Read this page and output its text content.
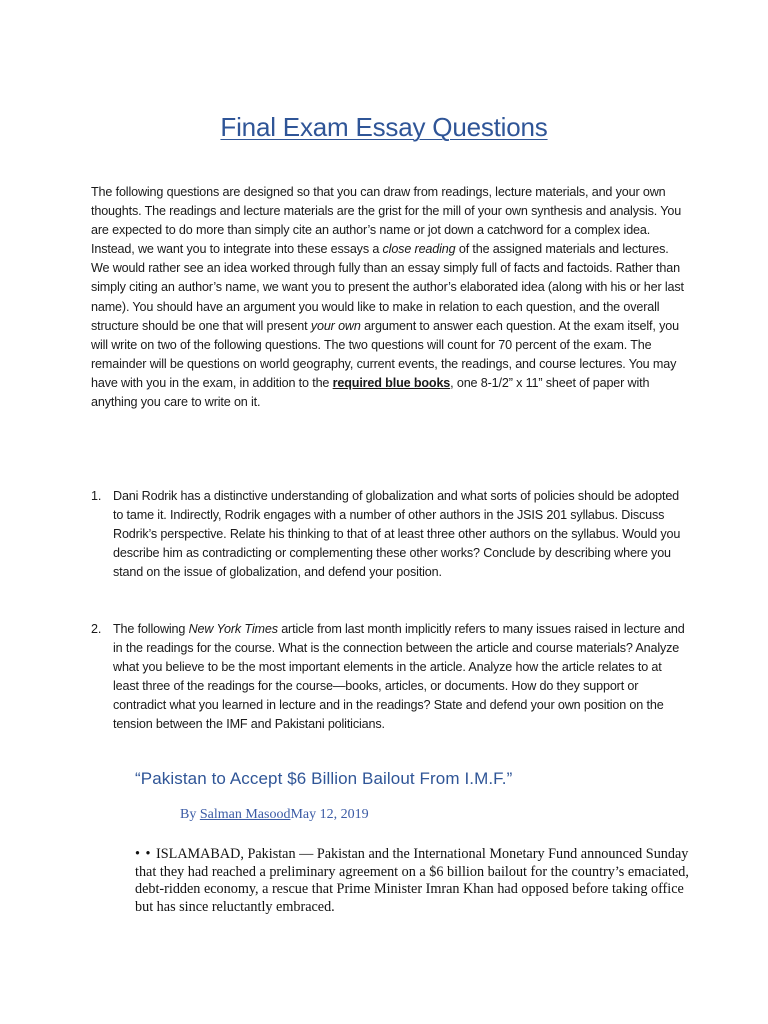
Final Exam Essay Questions
The following questions are designed so that you can draw from readings, lecture materials, and your own thoughts. The readings and lecture materials are the grist for the mill of your own synthesis and analysis. You are expected to do more than simply cite an author’s name or jot down a catchword for a complex idea. Instead, we want you to integrate into these essays a close reading of the assigned materials and lectures. We would rather see an idea worked through fully than an essay simply full of facts and factoids. Rather than simply citing an author’s name, we want you to present the author’s elaborated idea (along with his or her last name). You should have an argument you would like to make in relation to each question, and the overall structure should be one that will present your own argument to answer each question. At the exam itself, you will write on two of the following questions. The two questions will count for 70 percent of the exam. The remainder will be questions on world geography, current events, the readings, and course lectures. You may have with you in the exam, in addition to the required blue books, one 8-1/2” x 11” sheet of paper with anything you care to write on it.
1. Dani Rodrik has a distinctive understanding of globalization and what sorts of policies should be adopted to tame it. Indirectly, Rodrik engages with a number of other authors in the JSIS 201 syllabus. Discuss Rodrik’s perspective. Relate his thinking to that of at least three other authors on the syllabus. Would you describe him as contradicting or complementing these other works? Conclude by describing where you stand on the issue of globalization, and defend your position.
2. The following New York Times article from last month implicitly refers to many issues raised in lecture and in the readings for the course. What is the connection between the article and course materials? Analyze what you believe to be the most important elements in the article. Analyze how the article relates to at least three of the readings for the course—books, articles, or documents. How do they support or contradict what you learned in lecture and in the readings? State and defend your own position on the tension between the IMF and Pakistani politicians.
“Pakistan to Accept $6 Billion Bailout From I.M.F.”
By Salman MasoodMay 12, 2019
• • ISLAMABAD, Pakistan — Pakistan and the International Monetary Fund announced Sunday that they had reached a preliminary agreement on a $6 billion bailout for the country’s emaciated, debt-ridden economy, a rescue that Prime Minister Imran Khan had opposed before taking office but has since reluctantly embraced.
